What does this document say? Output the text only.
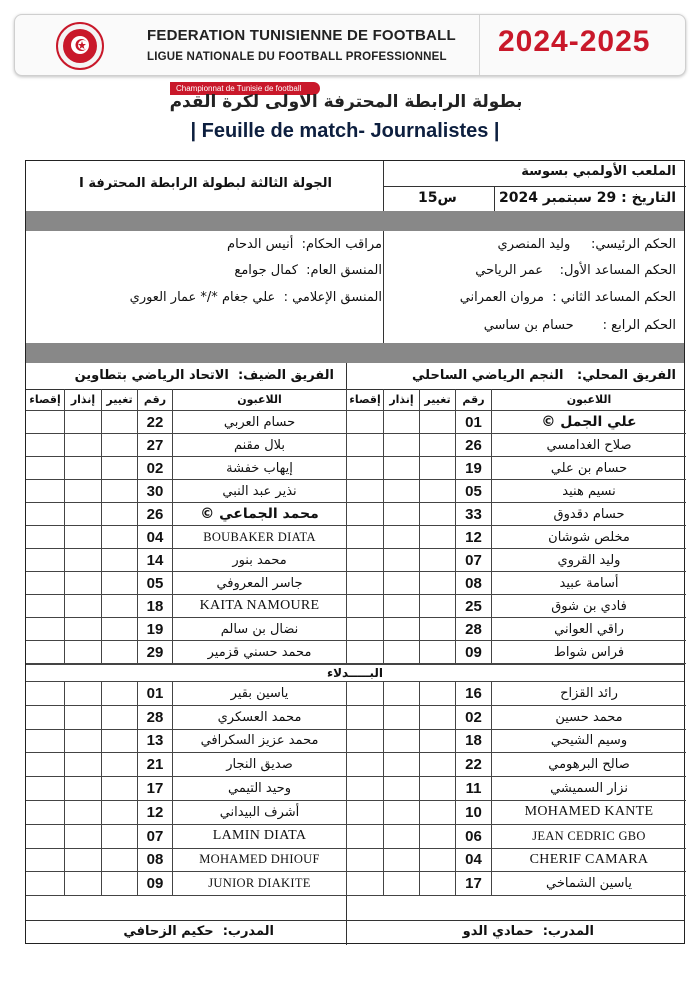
FEDERATION TUNISIENNE DE FOOTBALL
LIGUE NATIONALE DU FOOTBALL PROFESSIONNEL 2024-2025
Championnat de Tunisie de football
بطولة الرابطة المحترفة الاولى لكرة القدم
| Feuille de match- Journalistes |
الملعب الأولمبي بسوسة
الجولة الثالثة لبطولة الرابطة المحترفة I
التاريخ : 29 سبتمبر 2024
س15
الحكم الرئيسي:     وليد المنصري
الحكم المساعد الأول:    عمر الرياحي
الحكم المساعد الثاني :  مروان العمراني
الحكم الرابع :       حسام بن ساسي
مراقب الحكام:  أنيس الدحام
المنسق العام:  كمال جوامع
المنسق الإعلامي :  علي جغام */* عمار العوري
الفريق المحلي:   النجم الرياضي الساحلي
الفريق الضيف:  الاتحاد الرياضي بتطاوين
إقصاء إنذار تغيير	رقم	اللاعبون
01	علي الجمل ©
26	صلاح الغدامسي
19	حسام بن علي
05	نسيم هنيد
33	حسام دقدوق
12	مخلص شوشان
07	وليد القروي
08	أسامة عبيد
25	فادي بن شوق
28	راقي العواني
09	فراس شواط
16	رائد القزاح
02	محمد حسين
18	وسيم الشيحي
22	صالح البرهومي
11	نزار السميشي
10	MOHAMED KANTE
06	JEAN CEDRIC GBO
04	CHERIF CAMARA
17	ياسين الشماخي
إقصاء إنذار	تغيير	رقم	اللاعبون
22	حسام العربي
27	بلال مقنم
02	إيهاب خفشة
30	نذير عبد النبي
26	محمد الجماعي ©
04	BOUBAKER DIATA
14	محمد بنور
05	جاسر المعروفي
18	KAITA NAMOURE
19	نضال بن سالم
29	محمد حسني قزمير
01	ياسين بقير
28	محمد العسكري
13	محمد عزيز السكرافي
21	صديق النجار
17	وحيد التيمي
12	أشرف البيداني
07	LAMIN DIATA
08	MOHAMED DHIOUF
09	JUNIOR DIAKITE
البـــــدلاء
المدرب:  حمادي الدو
المدرب:  حكيم الزحافي
